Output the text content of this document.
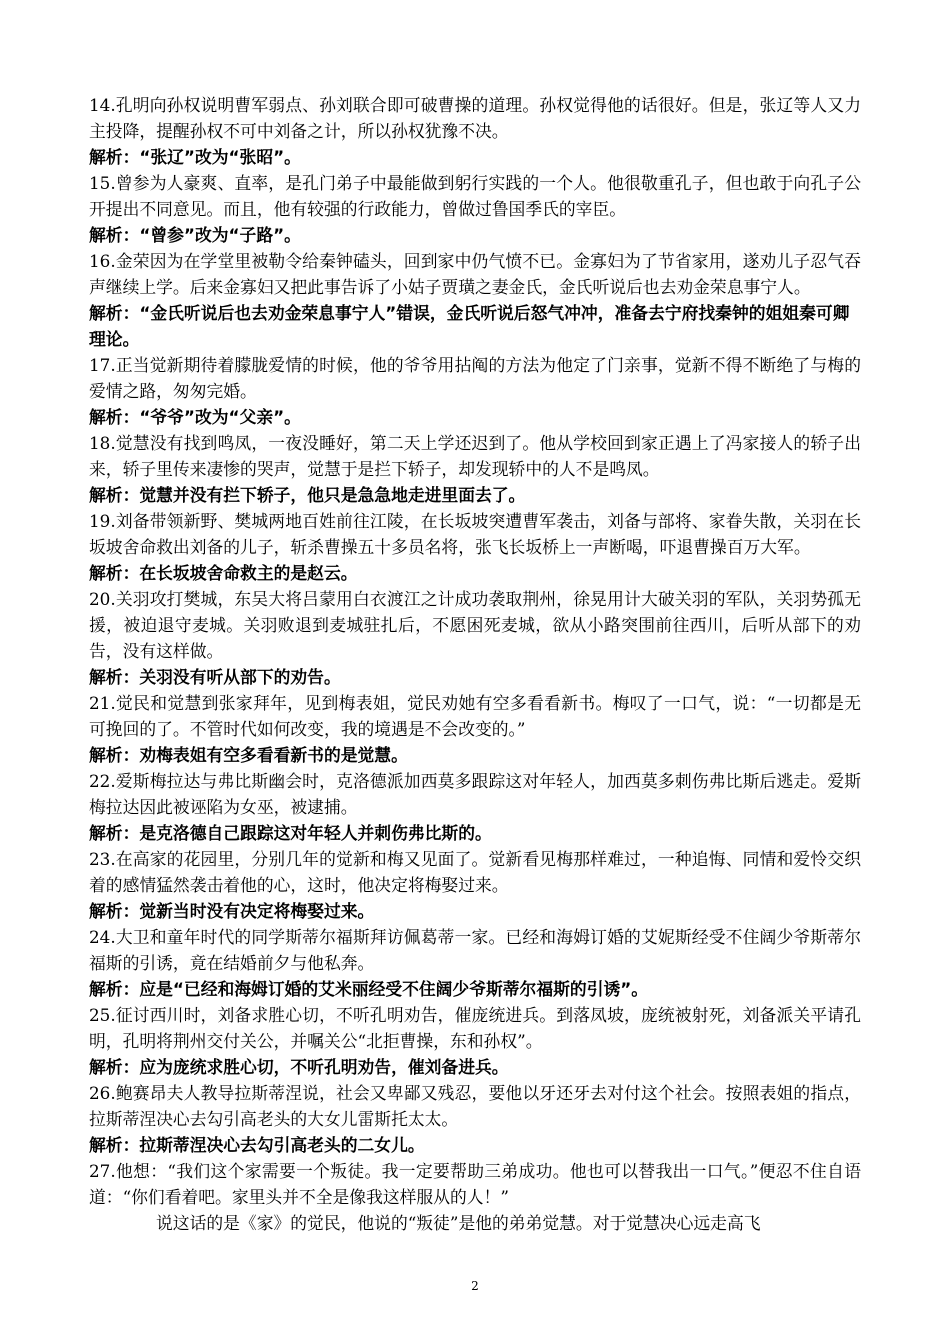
14.孔明向孙权说明曹军弱点、孙刘联合即可破曹操的道理。孙权觉得他的话很好。但是，张辽等人又力主投降，提醒孙权不可中刘备之计，所以孙权犹豫不决。

解析：“张辽”改为“张昭”。

15.曾参为人豪爽、直率，是孔门弟子中最能做到躬行实践的一个人。他很敬重孔子，但也敢于向孔子公开提出不同意见。而且，他有较强的行政能力，曾做过鲁国季氏的宰臣。

解析：“曾参”改为“子路”。

16.金荣因为在学堂里被勒令给秦钟磕头，回到家中仍气愤不已。金寡妇为了节省家用，遂劝儿子忍气吞声继续上学。后来金寡妇又把此事告诉了小姑子贾璜之妻金氏，金氏听说后也去劝金荣息事宁人。

解析：“金氏听说后也去劝金荣息事宁人”错误，金氏听说后怒气冲冲，准备去宁府找秦钟的姐姐秦可卿理论。

17.正当觉新期待着朦胧爱情的时候，他的爷爷用拈阄的方法为他定了门亲事，觉新不得不断绝了与梅的爱情之路，匆匆完婚。

解析：“爷爷”改为“父亲”。

18.觉慧没有找到鸣凤，一夜没睡好，第二天上学还迟到了。他从学校回到家正遇上了冯家接人的轿子出来，轿子里传来凄惨的哭声，觉慧于是拦下轿子，却发现轿中的人不是鸣凤。

解析：觉慧并没有拦下轿子，他只是急急地走进里面去了。

19.刘备带领新野、樊城两地百姓前往江陵，在长坂坡突遭曹军袭击，刘备与部将、家眷失散，关羽在长坂坡舍命救出刘备的儿子，斩杀曹操五十多员名将，张飞长坂桥上一声断喝，吓退曹操百万大军。

解析：在长坂坡舍命救主的是赵云。

20.关羽攻打樊城，东吴大将吕蒙用白衣渡江之计成功袭取荆州，徐晃用计大破关羽的军队，关羽势孤无援，被迫退守麦城。关羽败退到麦城驻扎后，不愿困死麦城，欲从小路突围前往西川，后听从部下的劝告，没有这样做。

解析：关羽没有听从部下的劝告。

21.觉民和觉慧到张家拜年，见到梅表姐，觉民劝她有空多看看新书。梅叹了一口气，说：“一切都是无可挽回的了。不管时代如何改变，我的境遇是不会改变的。”

解析：劝梅表姐有空多看看新书的是觉慧。

22.爱斯梅拉达与弗比斯幽会时，克洛德派加西莫多跟踪这对年轻人，加西莫多刺伤弗比斯后逃走。爱斯梅拉达因此被诬陷为女巫，被逮捕。

解析：是克洛德自己跟踪这对年轻人并刺伤弗比斯的。

23.在高家的花园里，分别几年的觉新和梅又见面了。觉新看见梅那样难过，一种追悔、同情和爱怜交织着的感情猛然袭击着他的心，这时，他决定将梅娶过来。

解析：觉新当时没有决定将梅娶过来。

24.大卫和童年时代的同学斯蒂尔福斯拜访佩葛蒂一家。已经和海姆订婚的艾妮斯经受不住阔少爷斯蒂尔福斯的引诱，竟在结婚前夕与他私奔。

解析：应是“已经和海姆订婚的艾米丽经受不住阔少爷斯蒂尔福斯的引诱”。

25.征讨西川时，刘备求胜心切，不听孔明劝告，催庞统进兵。到落凤坡，庞统被射死，刘备派关平请孔明，孔明将荆州交付关公，并嘱关公“北拒曹操，东和孙权”。

解析：应为庞统求胜心切，不听孔明劝告，催刘备进兵。

26.鲍赛昂夫人教导拉斯蒂涅说，社会又卑鄙又残忍，要他以牙还牙去对付这个社会。按照表姐的指点，拉斯蒂涅决心去勾引高老头的大女儿雷斯托太太。

解析：拉斯蒂涅决心去勾引高老头的二女儿。

27.他想：“我们这个家需要一个叛徒。我一定要帮助三弟成功。他也可以替我出一口气。”便忍不住自语道：“你们看着吧。家里头并不全是像我这样服从的人！”

说这话的是《家》的觉民，他说的“叛徒”是他的弟弟觉慧。对于觉慧决心远走高飞

2
